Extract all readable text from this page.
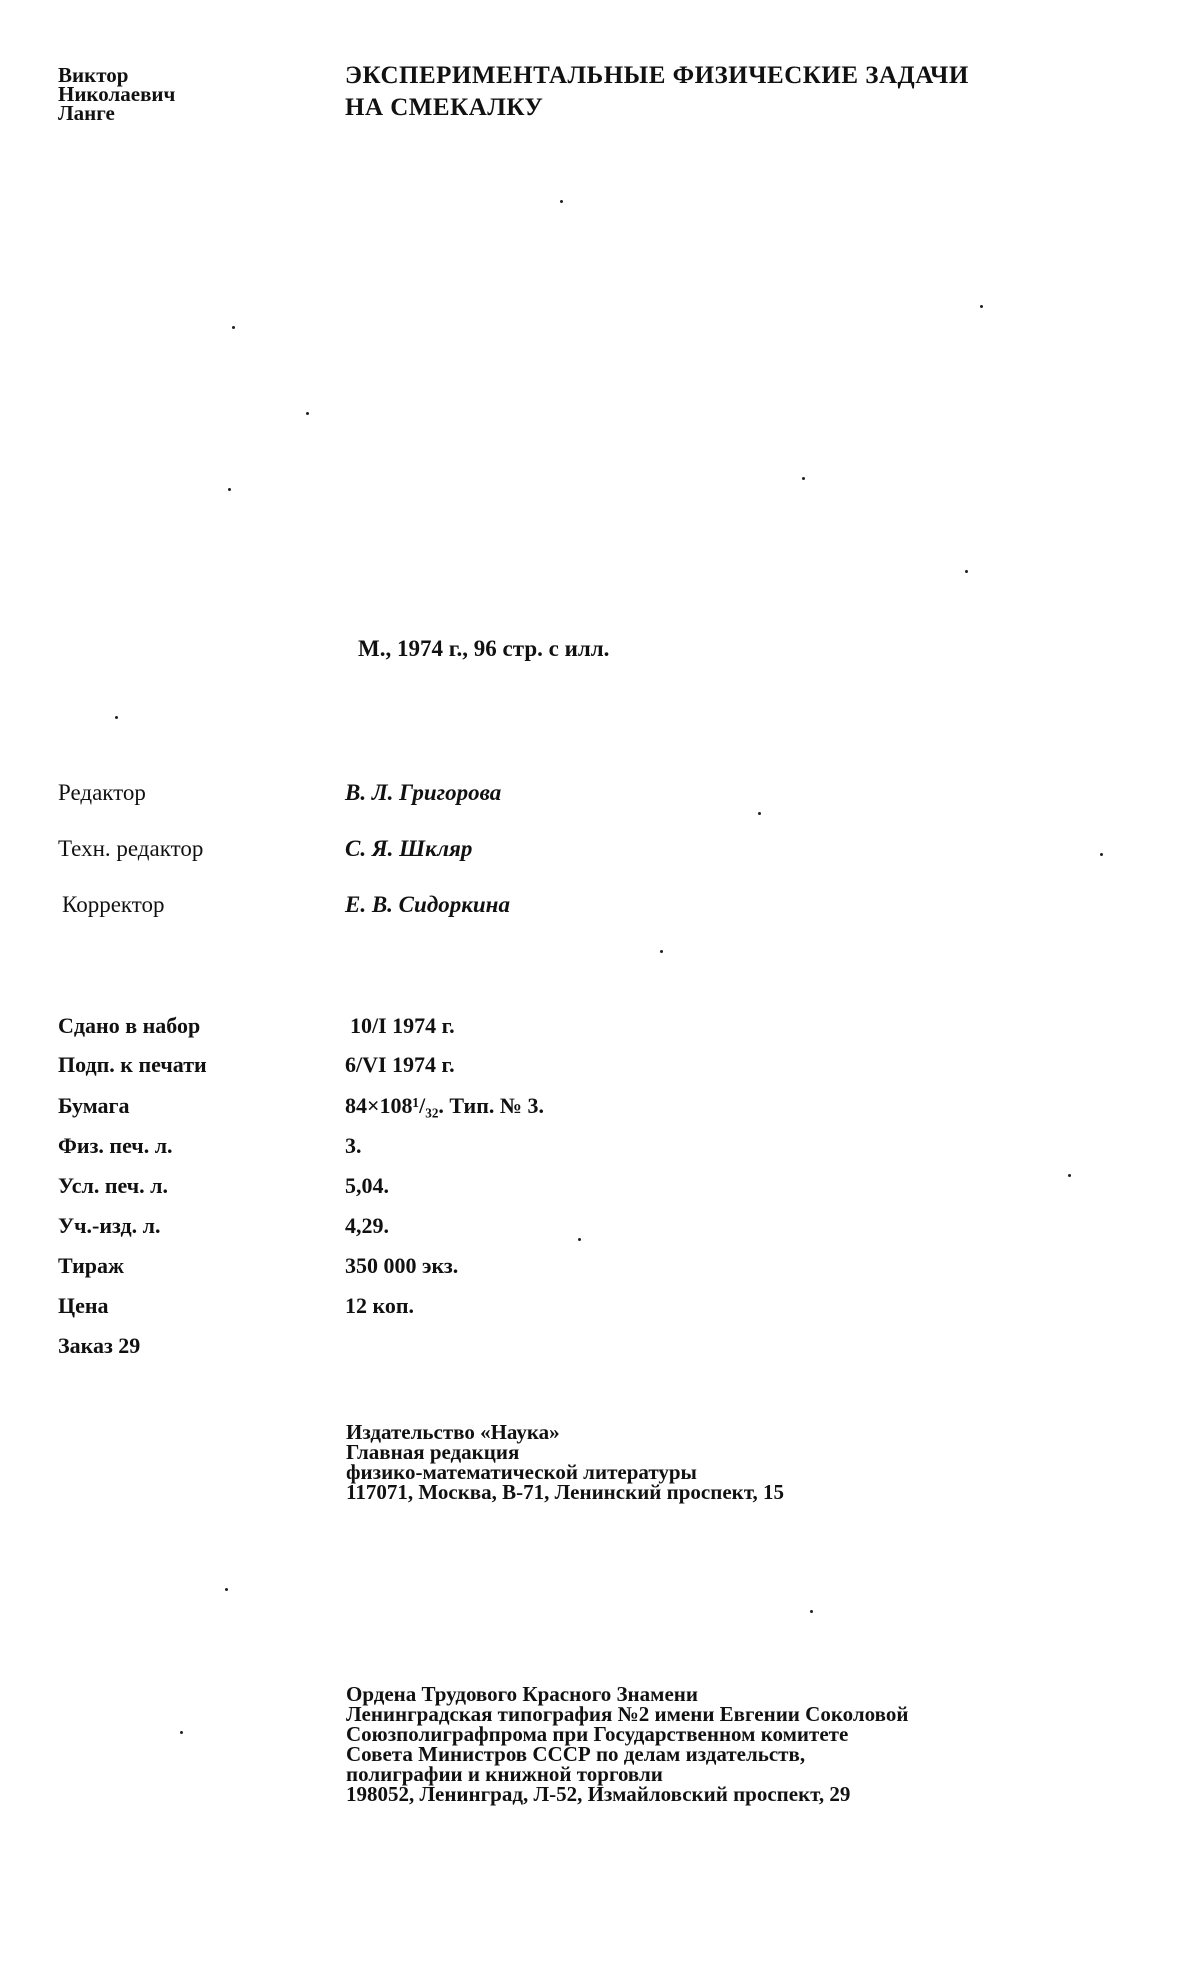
Виктор
Николаевич
Ланге
ЭКСПЕРИМЕНТАЛЬНЫЕ ФИЗИЧЕСКИЕ ЗАДАЧИ
НА СМЕКАЛКУ
М., 1974 г., 96 стр. с илл.
Редактор	В. Л. Григорова
Техн. редактор	С. Я. Шкляр
Корректор	Е. В. Сидоркина
Сдано в набор	10/I 1974 г.
Подп. к печати	6/VI 1974 г.
Бумага	84×108¹/₃₂. Тип. № 3.
Физ. печ. л.	3.
Усл. печ. л.	5,04.
Уч.-изд. л.	4,29.
Тираж	350 000 экз.
Цена	12 коп.
Заказ 29
Издательство «Наука»
Главная редакция
физико-математической литературы
117071, Москва, В-71, Ленинский проспект, 15
Ордена Трудового Красного Знамени
Ленинградская типография №2 имени Евгении Соколовой
Союзполиграфпрома при Государственном комитете
Совета Министров СССР по делам издательств,
полиграфии и книжной торговли
198052, Ленинград, Л-52, Измайловский проспект, 29
